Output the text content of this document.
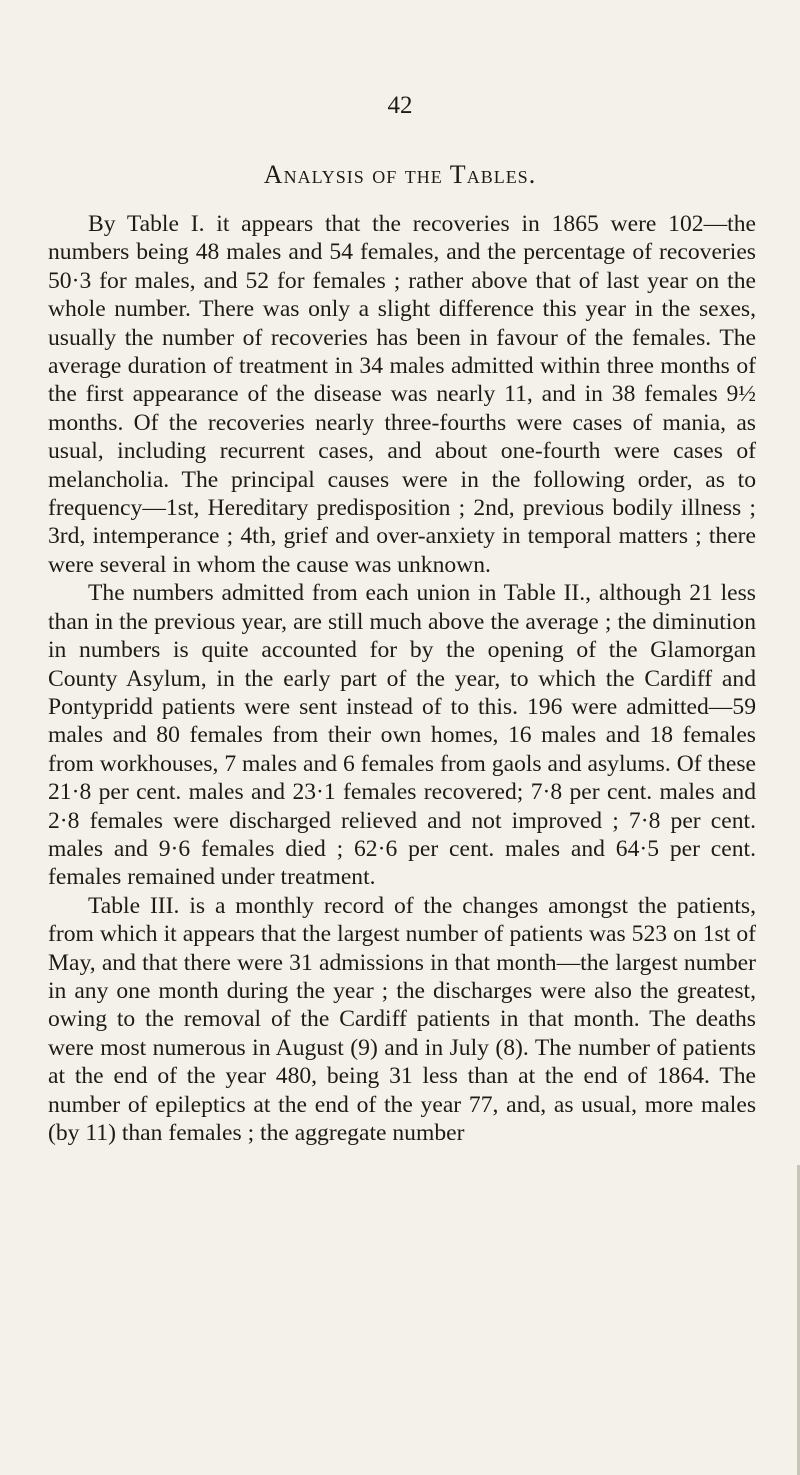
42
Analysis of the Tables.

By Table I. it appears that the recoveries in 1865 were 102—the numbers being 48 males and 54 females, and the percentage of recoveries 50·3 for males, and 52 for females ; rather above that of last year on the whole number. There was only a slight difference this year in the sexes, usually the number of recoveries has been in favour of the females. The average duration of treatment in 34 males admitted within three months of the first appearance of the disease was nearly 11, and in 38 females 9½ months. Of the recoveries nearly three-fourths were cases of mania, as usual, including recurrent cases, and about one-fourth were cases of melancholia. The principal causes were in the following order, as to frequency—1st, Hereditary predisposition ; 2nd, previous bodily illness ; 3rd, intemperance ; 4th, grief and over-anxiety in temporal matters ; there were several in whom the cause was unknown.

The numbers admitted from each union in Table II., although 21 less than in the previous year, are still much above the average ; the diminution in numbers is quite accounted for by the opening of the Glamorgan County Asylum, in the early part of the year, to which the Cardiff and Pontypridd patients were sent instead of to this. 196 were admitted—59 males and 80 females from their own homes, 16 males and 18 females from workhouses, 7 males and 6 females from gaols and asylums. Of these 21·8 per cent. males and 23·1 females recovered; 7·8 per cent. males and 2·8 females were discharged relieved and not improved ; 7·8 per cent. males and 9·6 females died ; 62·6 per cent. males and 64·5 per cent. females remained under treatment.

Table III. is a monthly record of the changes amongst the patients, from which it appears that the largest number of patients was 523 on 1st of May, and that there were 31 admissions in that month—the largest number in any one month during the year ; the discharges were also the greatest, owing to the removal of the Cardiff patients in that month. The deaths were most numerous in August (9) and in July (8). The number of patients at the end of the year 480, being 31 less than at the end of 1864. The number of epileptics at the end of the year 77, and, as usual, more males (by 11) than females ; the aggregate number
